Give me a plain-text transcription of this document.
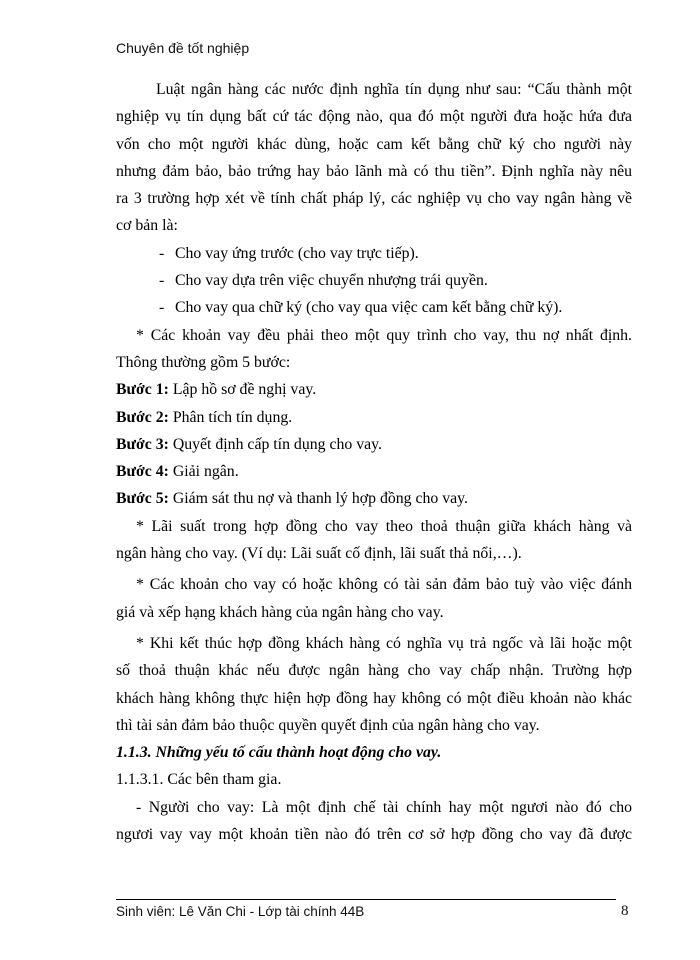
Chuyên đề tốt nghiệp
Luật ngân hàng các nước định nghĩa tín dụng như sau: “Cấu thành một
nghiệp vụ tín dụng bất cứ tác động nào, qua đó một người đưa hoặc hứa đưa
vốn cho một người khác dùng, hoặc cam kết bằng chữ ký cho người này
nhưng đảm bảo, bảo trứng hay bảo lãnh mà có thu tiền”. Định nghĩa này nêu
ra 3 trường hợp xét về tính chất pháp lý, các nghiệp vụ cho vay ngân hàng về
cơ bản là:
- Cho vay ứng trước (cho vay trực tiếp).
- Cho vay dựa trên việc chuyển nhượng trái quyền.
- Cho vay qua chữ ký (cho vay qua việc cam kết bằng chữ ký).
* Các khoản vay đều phải theo một quy trình cho vay, thu nợ nhất định.
Thông thường gồm 5 bước:
Bước 1: Lập hồ sơ đề nghị vay.
Bước 2: Phân tích tín dụng.
Bước 3: Quyết định cấp tín dụng cho vay.
Bước 4: Giải ngân.
Bước 5: Giám sát thu nợ và thanh lý hợp đồng cho vay.
* Lãi suất trong hợp đồng cho vay theo thoả thuận giữa khách hàng và
ngân hàng cho vay. (Ví dụ: Lãi suất cố định, lãi suất thả nổi,…).
* Các khoản cho vay có hoặc không có tài sản đảm bảo tuỳ vào việc đánh
giá và xếp hạng khách hàng của ngân hàng cho vay.
* Khi kết thúc hợp đồng khách hàng có nghĩa vụ trả ngốc và lãi hoặc một
số thoả thuận khác nếu được ngân hàng cho vay chấp nhận. Trường hợp
khách hàng không thực hiện hợp đồng hay không có một điều khoản nào khác
thì tài sản đảm bảo thuộc quyền quyết định của ngân hàng cho vay.
1.1.3. Những yếu tố cấu thành hoạt động cho vay.
1.1.3.1. Các bên tham gia.
- Người cho vay: Là một định chế tài chính hay một ngươi nào đó cho
ngươi vay vay một khoản tiền nào đó trên cơ sở hợp đồng cho vay đã được
Sinh viên: Lê Văn Chi - Lớp tài chính 44B	8
